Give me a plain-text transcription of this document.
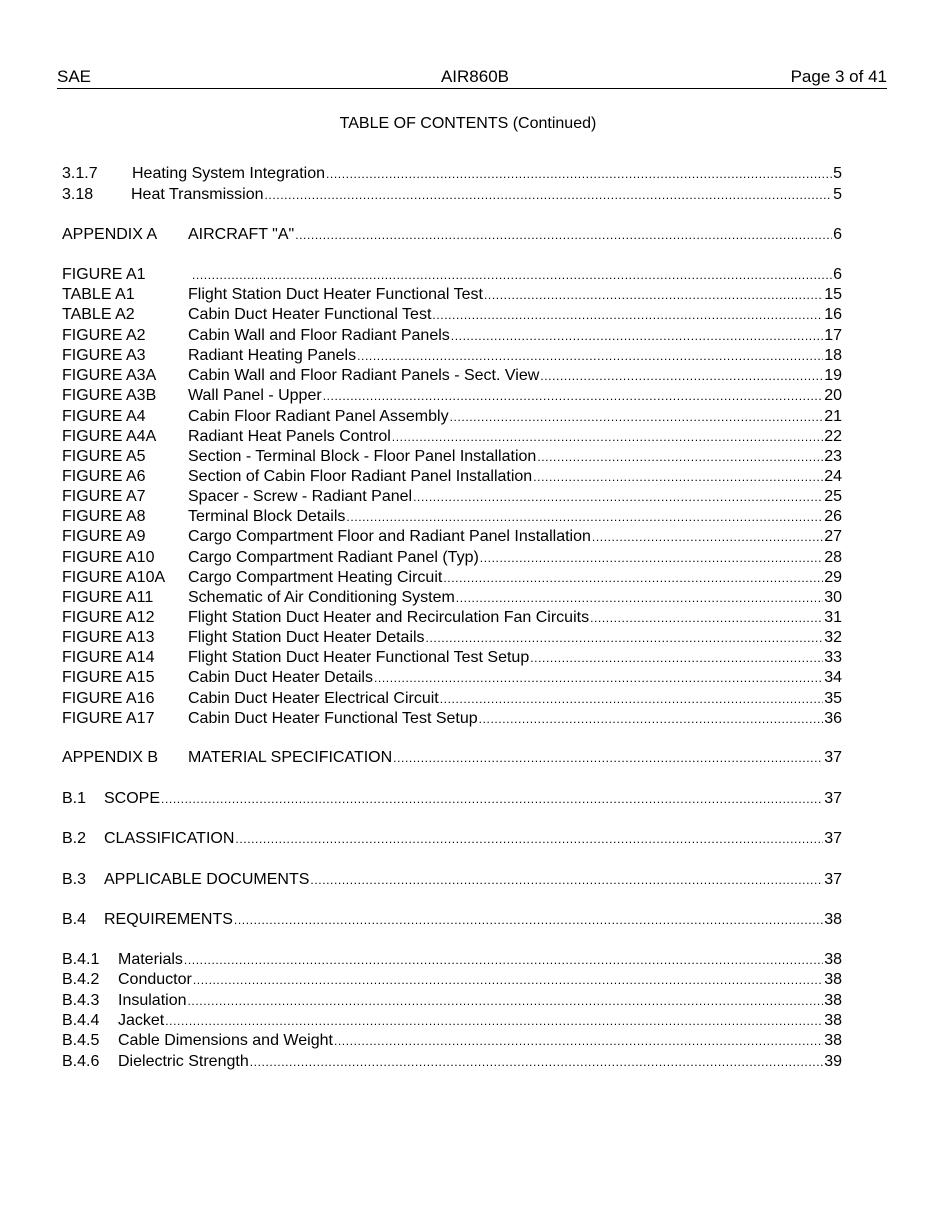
SAE	AIR860B	Page 3 of 41
TABLE OF CONTENTS (Continued)
3.1.7	Heating System Integration .....	5
3.18	Heat Transmission .....	5
APPENDIX A	AIRCRAFT "A" .....	6
FIGURE A1 .....	6
TABLE A1	Flight Station Duct Heater Functional Test .....	15
TABLE A2	Cabin Duct Heater Functional Test .....	16
FIGURE A2	Cabin Wall and Floor Radiant Panels .....	17
FIGURE A3	Radiant Heating Panels .....	18
FIGURE A3A	Cabin Wall and Floor Radiant Panels - Sect. View .....	19
FIGURE A3B	Wall Panel - Upper .....	20
FIGURE A4	Cabin Floor Radiant Panel Assembly .....	21
FIGURE A4A	Radiant Heat Panels Control .....	22
FIGURE A5	Section - Terminal Block - Floor Panel Installation .....	23
FIGURE A6	Section of Cabin Floor Radiant Panel Installation .....	24
FIGURE A7	Spacer - Screw - Radiant Panel .....	25
FIGURE A8	Terminal Block Details .....	26
FIGURE A9	Cargo Compartment Floor and Radiant Panel Installation .....	27
FIGURE A10	Cargo Compartment Radiant Panel (Typ) .....	28
FIGURE A10A	Cargo Compartment Heating Circuit .....	29
FIGURE A11	Schematic of Air Conditioning System .....	30
FIGURE A12	Flight Station Duct Heater and Recirculation Fan Circuits .....	31
FIGURE A13	Flight Station Duct Heater Details .....	32
FIGURE A14	Flight Station Duct Heater Functional Test Setup .....	33
FIGURE A15	Cabin Duct Heater Details .....	34
FIGURE A16	Cabin Duct Heater Electrical Circuit .....	35
FIGURE A17	Cabin Duct Heater Functional Test Setup .....	36
APPENDIX B	MATERIAL SPECIFICATION .....	37
B.1	SCOPE .....	37
B.2	CLASSIFICATION .....	37
B.3	APPLICABLE DOCUMENTS .....	37
B.4	REQUIREMENTS .....	38
B.4.1	Materials .....	38
B.4.2	Conductor .....	38
B.4.3	Insulation .....	38
B.4.4	Jacket .....	38
B.4.5	Cable Dimensions and Weight .....	38
B.4.6	Dielectric Strength .....	39
